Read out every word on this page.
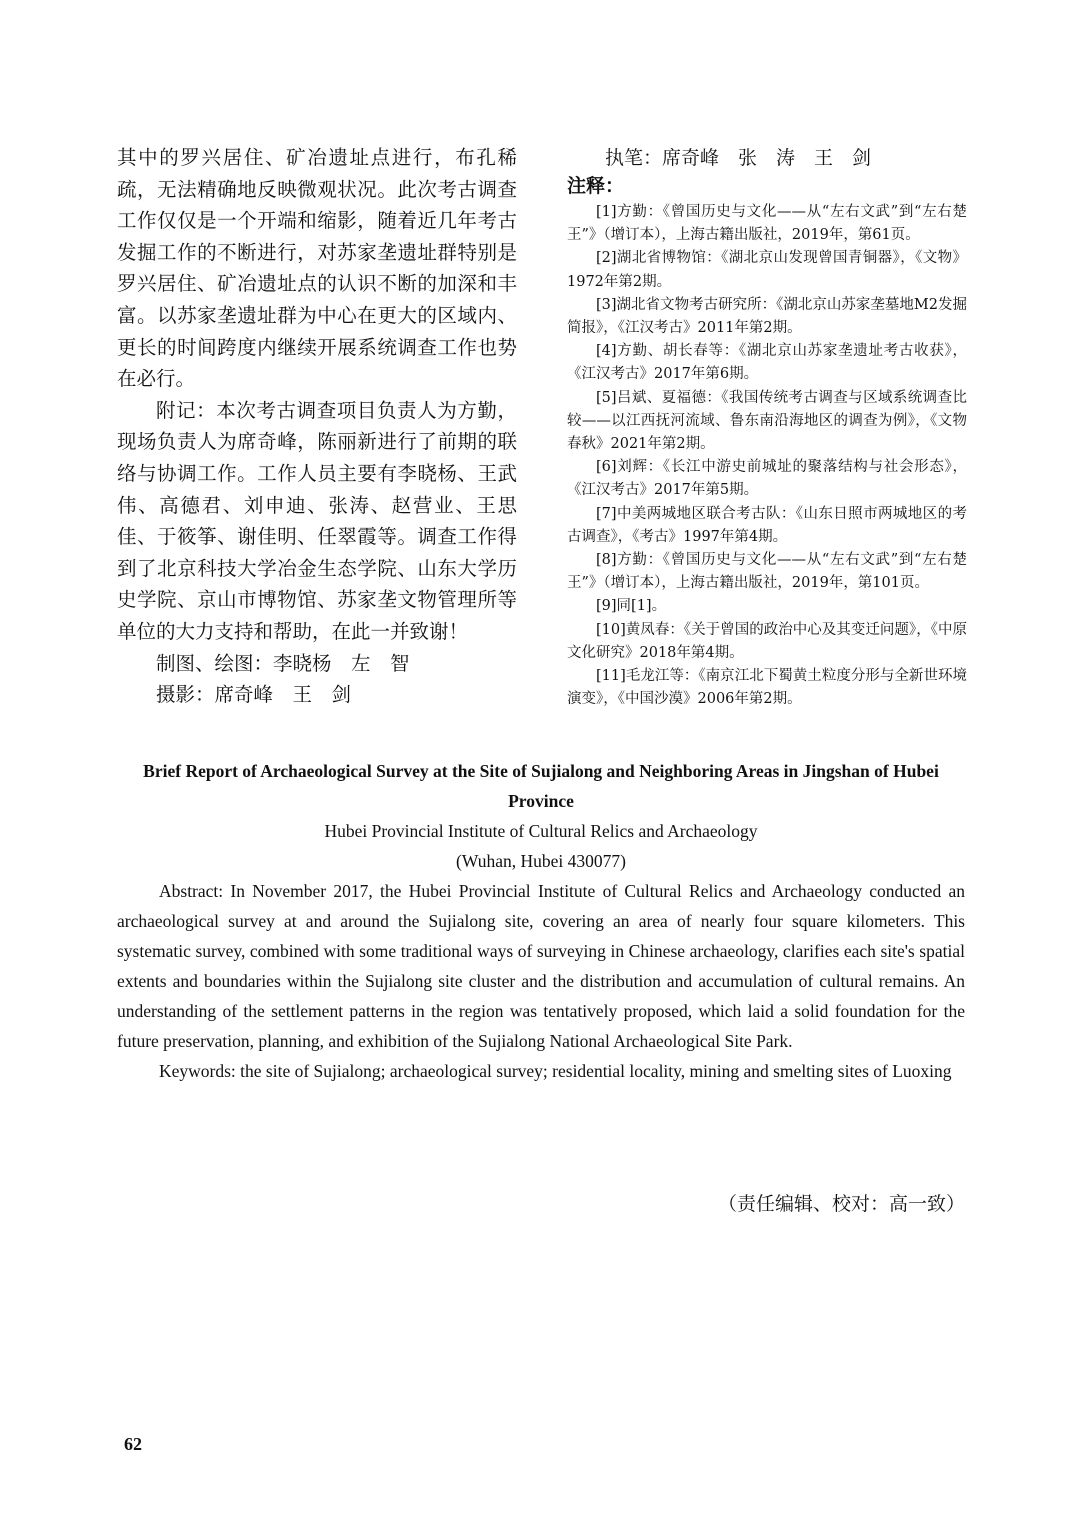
其中的罗兴居住、矿冶遗址点进行，布孔稀疏，无法精确地反映微观状况。此次考古调查工作仅仅是一个开端和缩影，随着近几年考古发掘工作的不断进行，对苏家垄遗址群特别是罗兴居住、矿冶遗址点的认识不断的加深和丰富。以苏家垄遗址群为中心在更大的区域内、更长的时间跨度内继续开展系统调查工作也势在必行。

附记：本次考古调查项目负责人为方勤，现场负责人为席奇峰，陈丽新进行了前期的联络与协调工作。工作人员主要有李晓杨、王武伟、高德君、刘申迪、张涛、赵营业、王思佳、于筱筝、谢佳明、任翠霞等。调查工作得到了北京科技大学冶金生态学院、山东大学历史学院、京山市博物馆、苏家垄文物管理所等单位的大力支持和帮助，在此一并致谢！

制图、绘图：李晓杨　左　智

摄影：席奇峰　王　剑

执笔：席奇峰　张　涛　王　剑

注释：

[1]方勤：《曾国历史与文化——从“左右文武”到“左右楚王”》（增订本），上海古籍出版社，2019年，第61页。

[2]湖北省博物馆：《湖北京山发现曾国青铜器》，《文物》1972年第2期。

[3]湖北省文物考古研究所：《湖北京山苏家垄墓地M2发掘简报》，《江汉考古》2011年第2期。

[4]方勤、胡长春等：《湖北京山苏家垄遗址考古收获》，《江汉考古》2017年第6期。

[5]吕斌、夏福德：《我国传统考古调查与区域系统调查比较——以江西抚河流域、鲁东南沿海地区的调查为例》，《文物春秋》2021年第2期。

[6]刘辉：《长江中游史前城址的聚落结构与社会形态》，《江汉考古》2017年第5期。

[7]中美两城地区联合考古队：《山东日照市两城地区的考古调查》，《考古》1997年第4期。

[8]方勤：《曾国历史与文化——从“左右文武”到“左右楚王”》（增订本），上海古籍出版社，2019年，第101页。

[9]同[1]。

[10]黄凤春：《关于曾国的政治中心及其变迁问题》，《中原文化研究》2018年第4期。

[11]毛龙江等：《南京江北下蜀黄土粒度分形与全新世环境演变》，《中国沙漠》2006年第2期。

Brief Report of Archaeological Survey at the Site of Sujialong and Neighboring Areas in Jingshan of Hubei Province

Hubei Provincial Institute of Cultural Relics and Archaeology

(Wuhan, Hubei 430077)

Abstract: In November 2017, the Hubei Provincial Institute of Cultural Relics and Archaeology conducted an archaeological survey at and around the Sujialong site, covering an area of nearly four square kilometers. This systematic survey, combined with some traditional ways of surveying in Chinese archaeology, clarifies each site's spatial extents and boundaries within the Sujialong site cluster and the distribution and accumulation of cultural remains. An understanding of the settlement patterns in the region was tentatively proposed, which laid a solid foundation for the future preservation, planning, and exhibition of the Sujialong National Archaeological Site Park.

Keywords: the site of Sujialong; archaeological survey; residential locality, mining and smelting sites of Luoxing

（责任编辑、校对：高一致）

62
